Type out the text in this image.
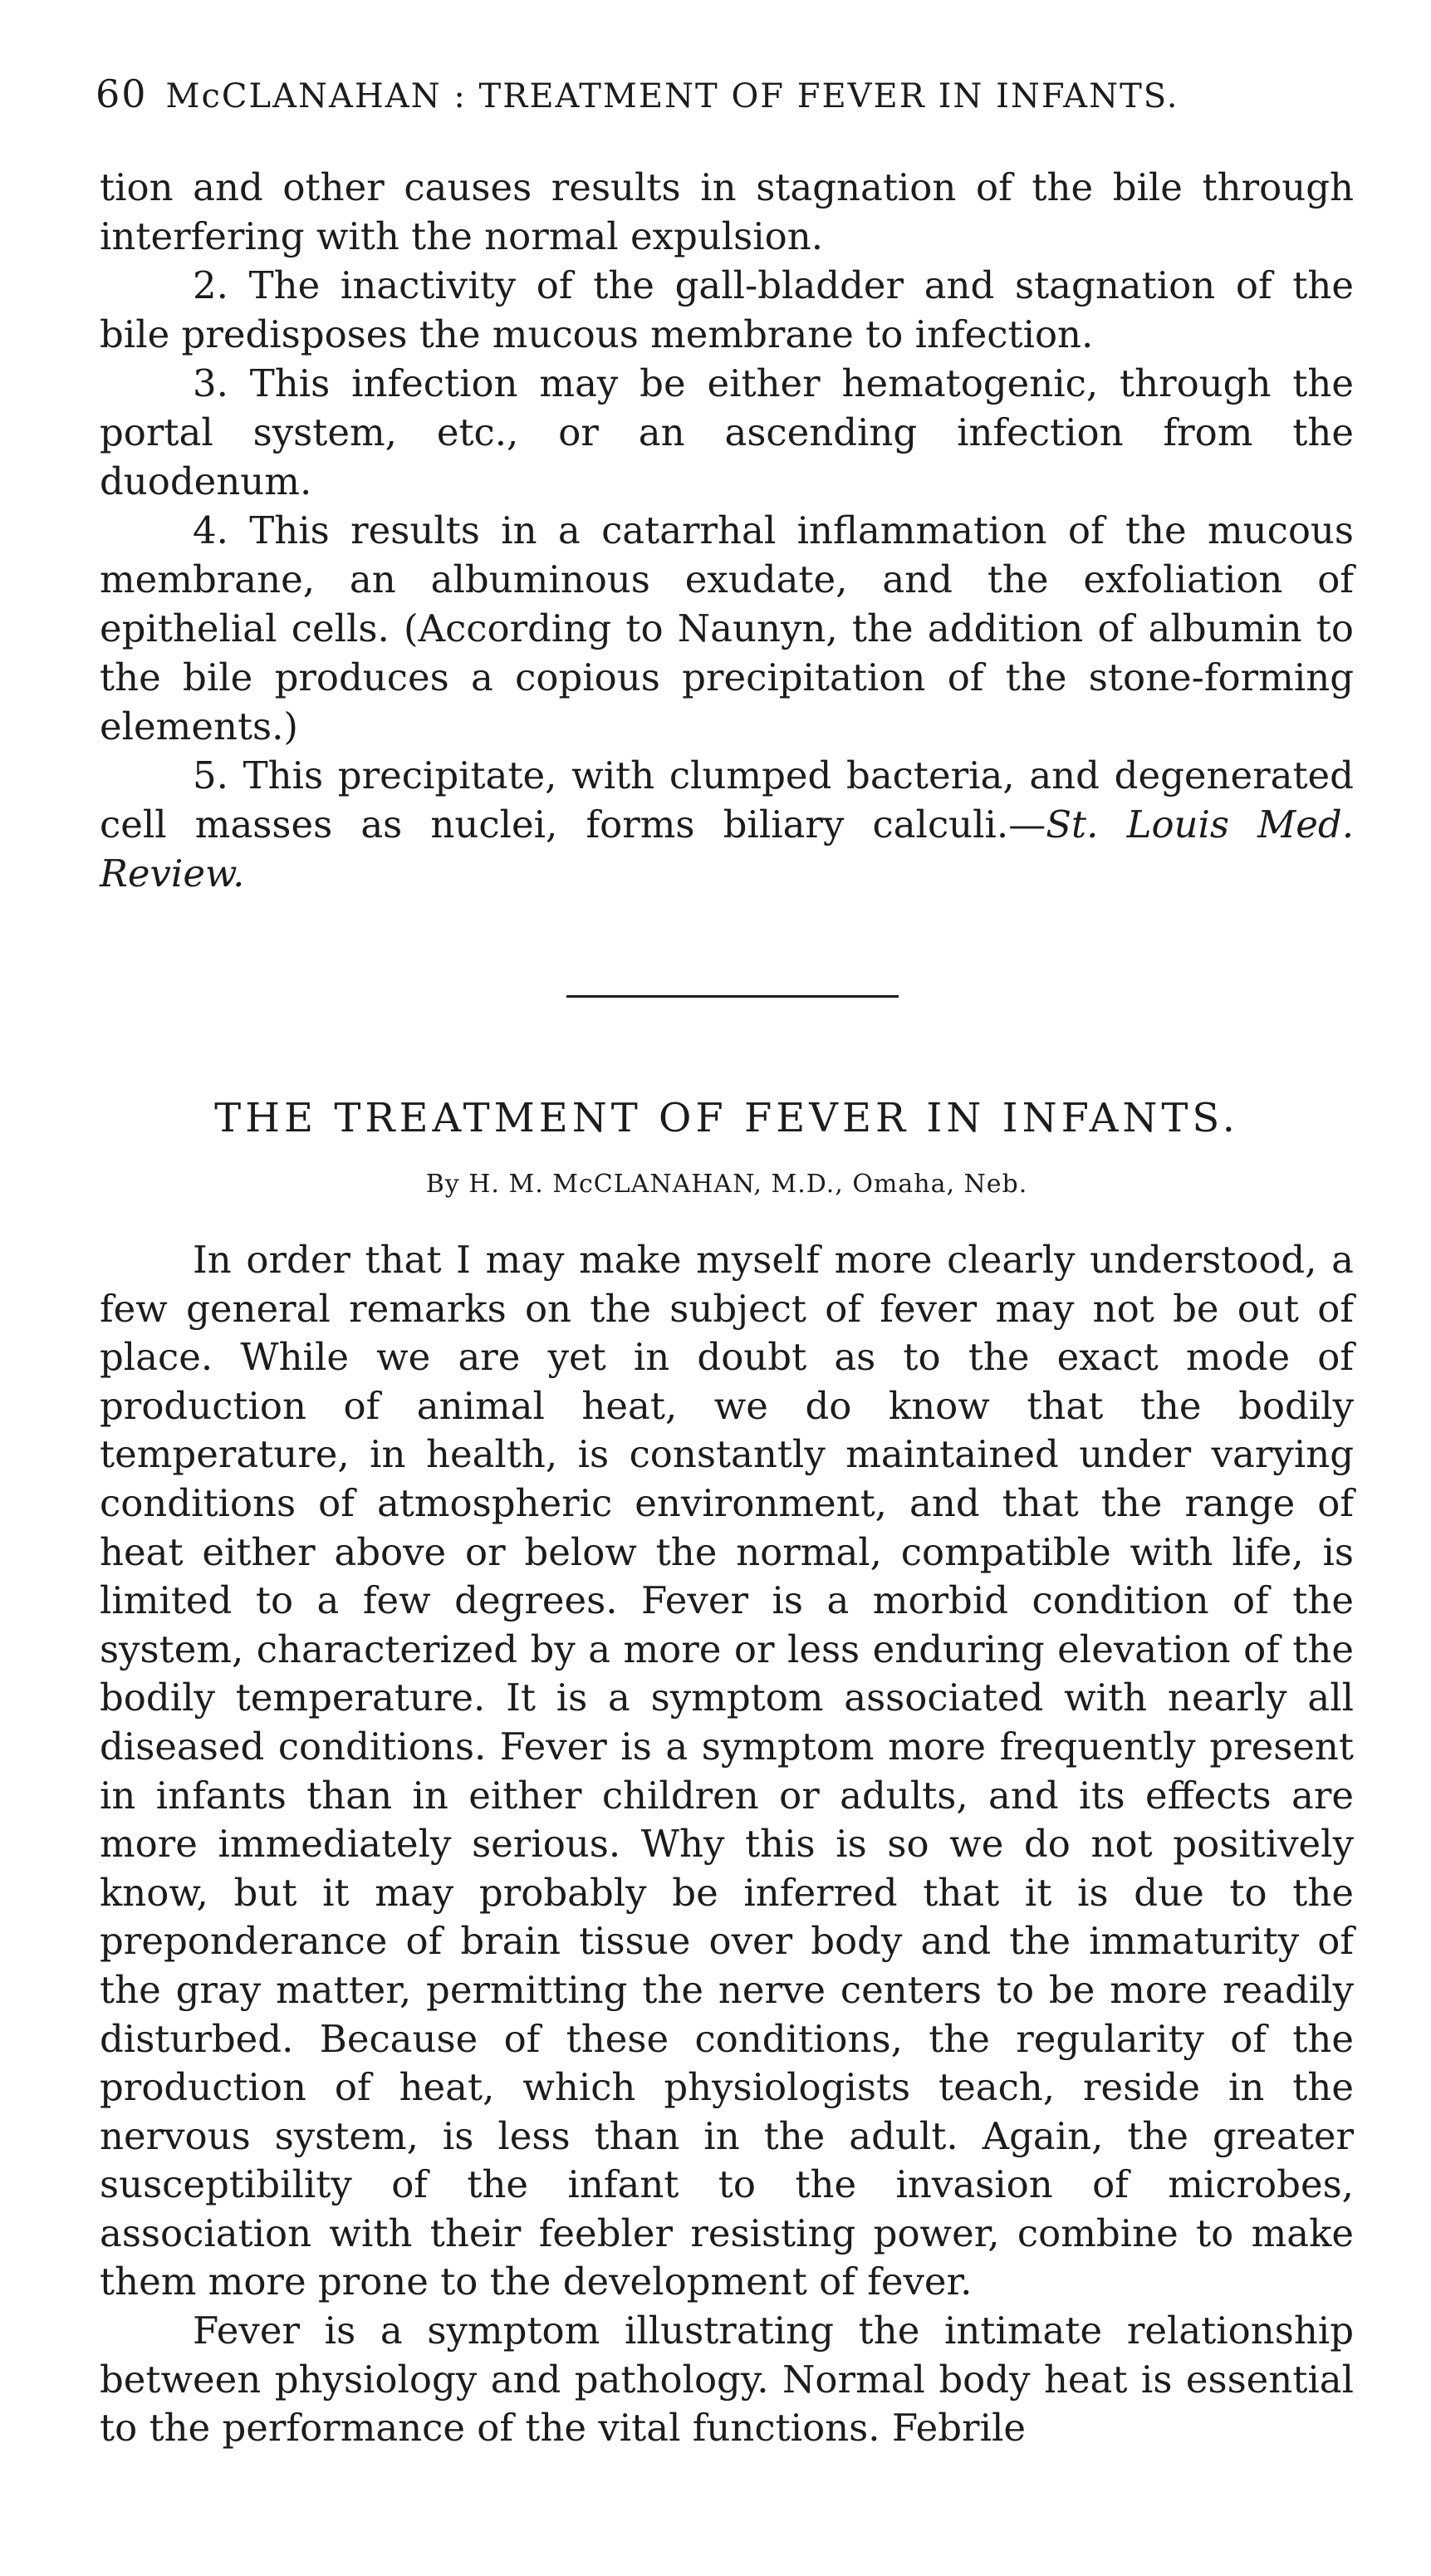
60 McCLANAHAN : TREATMENT OF FEVER IN INFANTS.

tion and other causes results in stagnation of the bile through interfering with the normal expulsion.

2. The inactivity of the gall-bladder and stagnation of the bile predisposes the mucous membrane to infection.

3. This infection may be either hematogenic, through the portal system, etc., or an ascending infection from the duodenum.

4. This results in a catarrhal inflammation of the mucous membrane, an albuminous exudate, and the exfoliation of epithelial cells. (According to Naunyn, the addition of albumin to the bile produces a copious precipitation of the stone-forming elements.)

5. This precipitate, with clumped bacteria, and degenerated cell masses as nuclei, forms biliary calculi.—St. Louis Med. Review.

THE TREATMENT OF FEVER IN INFANTS.
By H. M. McCLANAHAN, M.D., Omaha, Neb.

In order that I may make myself more clearly understood, a few general remarks on the subject of fever may not be out of place. While we are yet in doubt as to the exact mode of production of animal heat, we do know that the bodily temperature, in health, is constantly maintained under varying conditions of atmospheric environment, and that the range of heat either above or below the normal, compatible with life, is limited to a few degrees. Fever is a morbid condition of the system, characterized by a more or less enduring elevation of the bodily temperature. It is a symptom associated with nearly all diseased conditions. Fever is a symptom more frequently present in infants than in either children or adults, and its effects are more immediately serious. Why this is so we do not positively know, but it may probably be inferred that it is due to the preponderance of brain tissue over body and the immaturity of the gray matter, permitting the nerve centers to be more readily disturbed. Because of these conditions, the regularity of the production of heat, which physiologists teach, reside in the nervous system, is less than in the adult. Again, the greater susceptibility of the infant to the invasion of microbes, association with their feebler resisting power, combine to make them more prone to the development of fever.

Fever is a symptom illustrating the intimate relationship between physiology and pathology. Normal body heat is essential to the performance of the vital functions. Febrile
